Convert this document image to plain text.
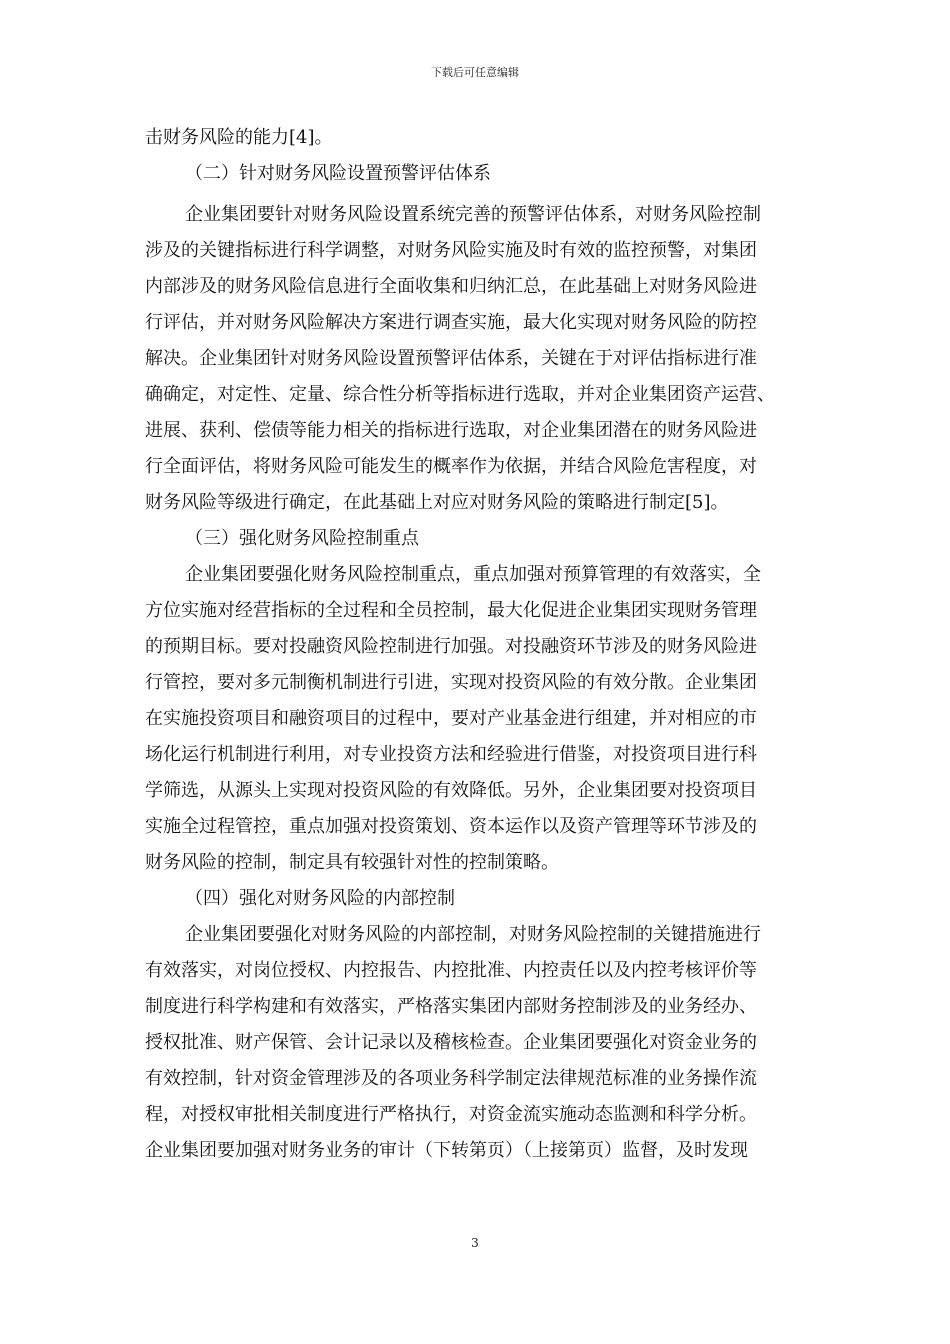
下载后可任意编辑
击财务风险的能力[4]。
（二）针对财务风险设置预警评估体系
企业集团要针对财务风险设置系统完善的预警评估体系，对财务风险控制
涉及的关键指标进行科学调整，对财务风险实施及时有效的监控预警，对集团
内部涉及的财务风险信息进行全面收集和归纳汇总，在此基础上对财务风险进
行评估，并对财务风险解决方案进行调查实施，最大化实现对财务风险的防控
解决。企业集团针对财务风险设置预警评估体系，关键在于对评估指标进行准
确确定，对定性、定量、综合性分析等指标进行选取，并对企业集团资产运营、
进展、获利、偿债等能力相关的指标进行选取，对企业集团潜在的财务风险进
行全面评估，将财务风险可能发生的概率作为依据，并结合风险危害程度，对
财务风险等级进行确定，在此基础上对应对财务风险的策略进行制定[5]。
（三）强化财务风险控制重点
企业集团要强化财务风险控制重点，重点加强对预算管理的有效落实，全
方位实施对经营指标的全过程和全员控制，最大化促进企业集团实现财务管理
的预期目标。要对投融资风险控制进行加强。对投融资环节涉及的财务风险进
行管控，要对多元制衡机制进行引进，实现对投资风险的有效分散。企业集团
在实施投资项目和融资项目的过程中，要对产业基金进行组建，并对相应的市
场化运行机制进行利用，对专业投资方法和经验进行借鉴，对投资项目进行科
学筛选，从源头上实现对投资风险的有效降低。另外，企业集团要对投资项目
实施全过程管控，重点加强对投资策划、资本运作以及资产管理等环节涉及的
财务风险的控制，制定具有较强针对性的控制策略。
（四）强化对财务风险的内部控制
企业集团要强化对财务风险的内部控制，对财务风险控制的关键措施进行
有效落实，对岗位授权、内控报告、内控批准、内控责任以及内控考核评价等
制度进行科学构建和有效落实，严格落实集团内部财务控制涉及的业务经办、
授权批准、财产保管、会计记录以及稽核检查。企业集团要强化对资金业务的
有效控制，针对资金管理涉及的各项业务科学制定法律规范标准的业务操作流
程，对授权审批相关制度进行严格执行，对资金流实施动态监测和科学分析。
企业集团要加强对财务业务的审计（下转第页）（上接第页）监督，及时发现
3
